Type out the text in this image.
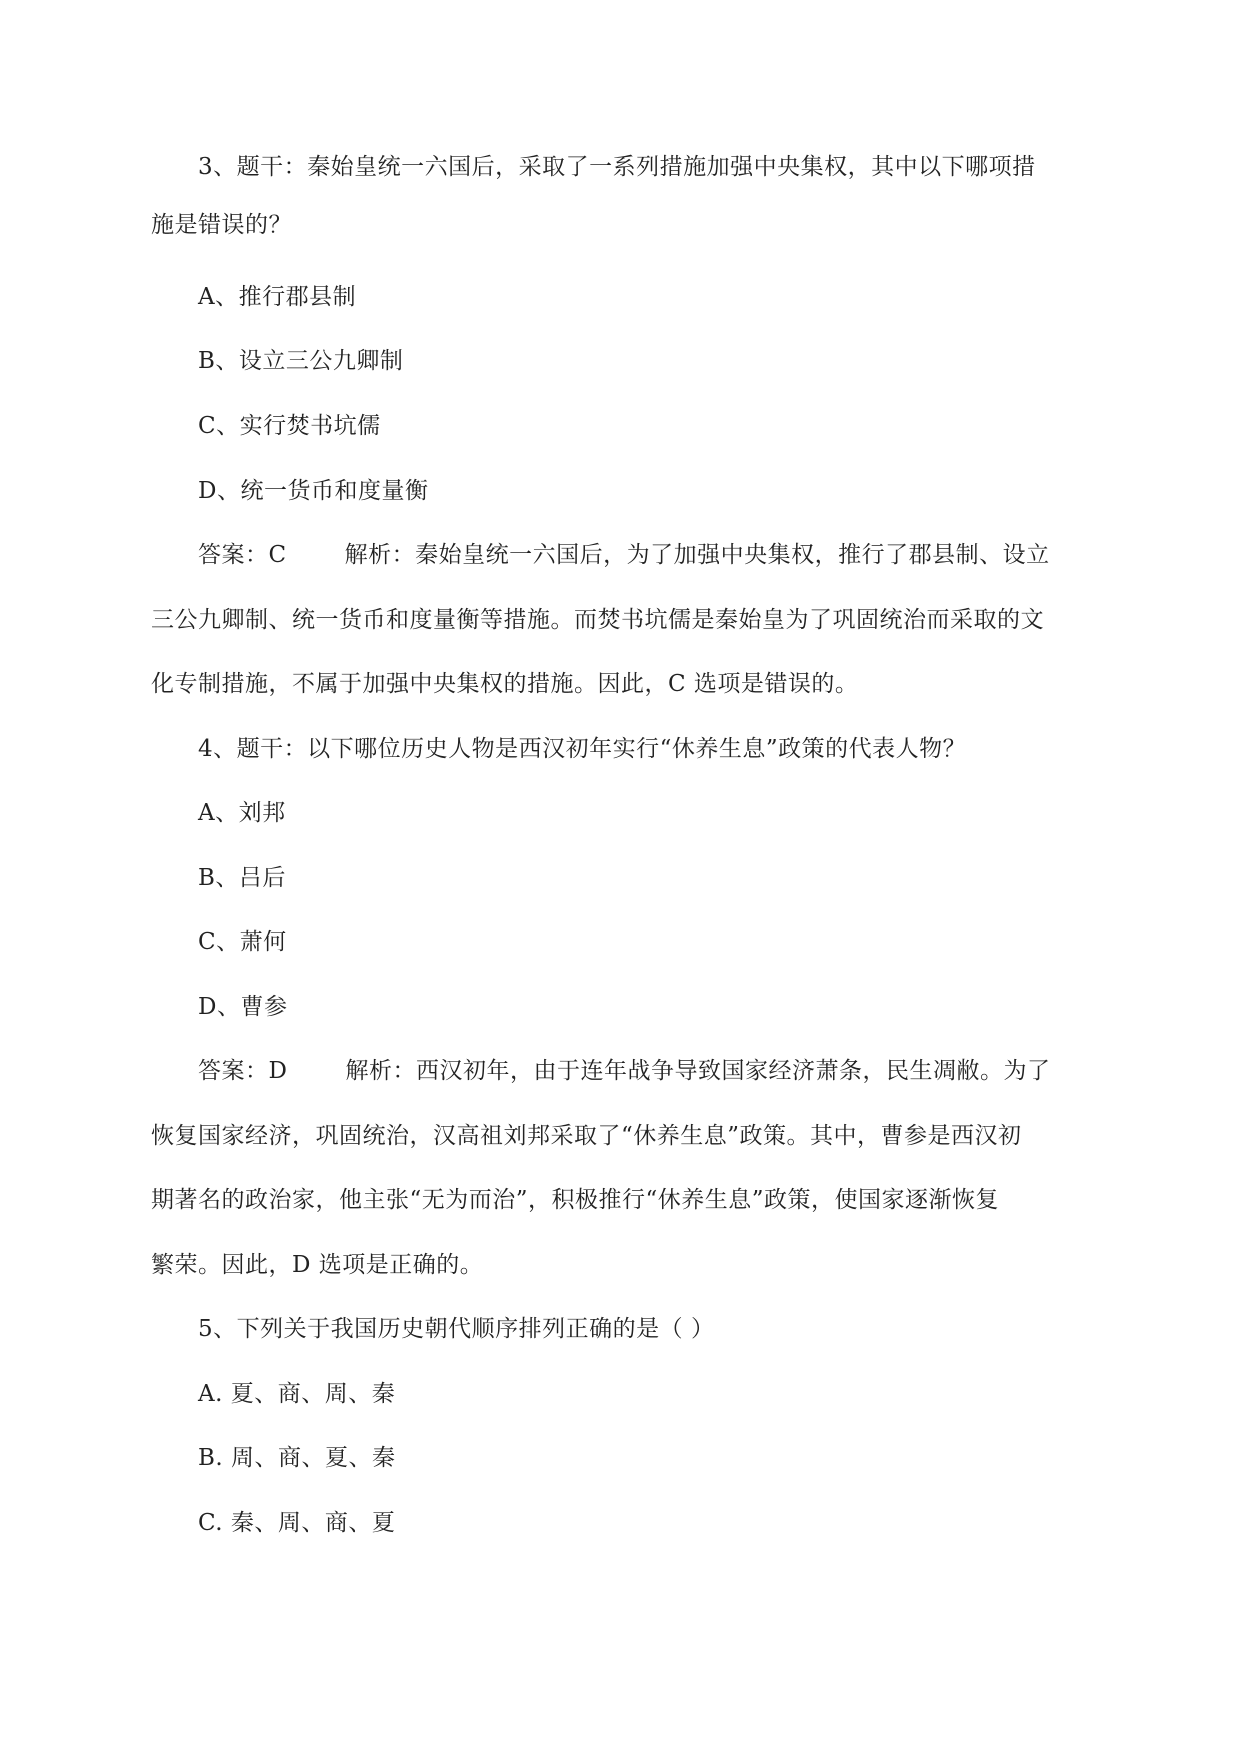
3、题干：秦始皇统一六国后，采取了一系列措施加强中央集权，其中以下哪项措
施是错误的？
A、推行郡县制
B、设立三公九卿制
C、实行焚书坑儒
D、统一货币和度量衡
答案：C	解析：秦始皇统一六国后，为了加强中央集权，推行了郡县制、设立
三公九卿制、统一货币和度量衡等措施。而焚书坑儒是秦始皇为了巩固统治而采取的文
化专制措施，不属于加强中央集权的措施。因此，C 选项是错误的。
4、题干：以下哪位历史人物是西汉初年实行“休养生息”政策的代表人物？
A、刘邦
B、吕后
C、萧何
D、曹参
答案：D	解析：西汉初年，由于连年战争导致国家经济萧条，民生凋敝。为了
恢复国家经济，巩固统治，汉高祖刘邦采取了“休养生息”政策。其中，曹参是西汉初
期著名的政治家，他主张“无为而治”，积极推行“休养生息”政策，使国家逐渐恢复
繁荣。因此，D 选项是正确的。
5、下列关于我国历史朝代顺序排列正确的是（ ）
A. 夏、商、周、秦
B. 周、商、夏、秦
C. 秦、周、商、夏
